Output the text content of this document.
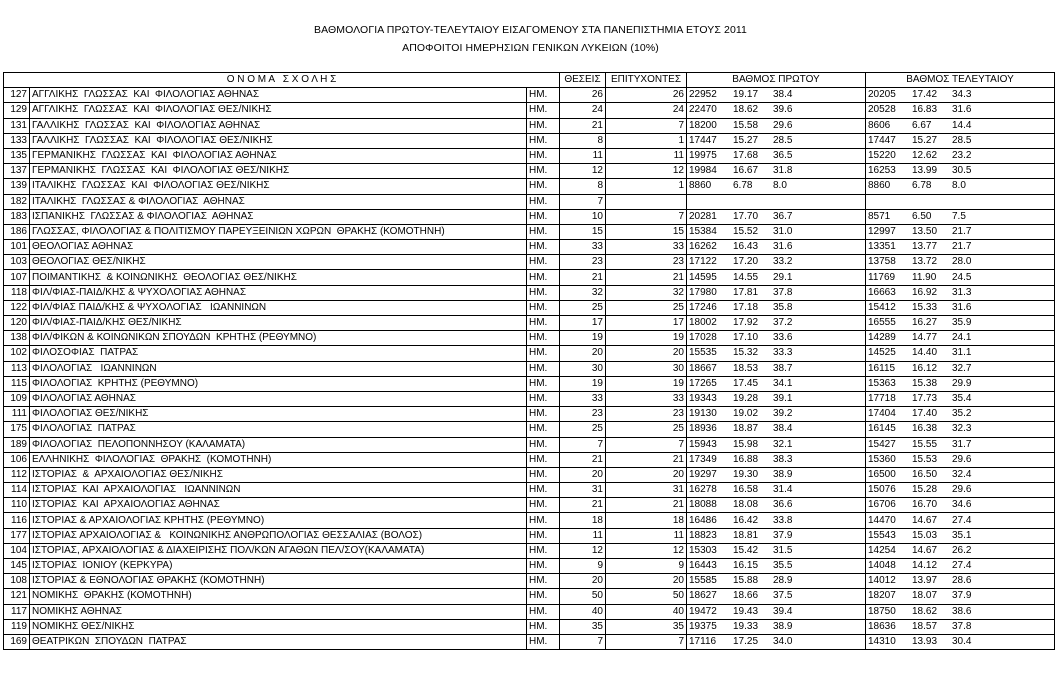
ΒΑΘΜΟΛΟΓΙΑ ΠΡΩΤΟΥ-ΤΕΛΕΥΤΑΙΟΥ ΕΙΣΑΓΟΜΕΝΟΥ ΣΤΑ ΠΑΝΕΠΙΣΤΗΜΙΑ ΕΤΟΥΣ 2011
ΑΠΟΦΟΙΤΟΙ ΗΜΕΡΗΣΙΩΝ ΓΕΝΙΚΩΝ ΛΥΚΕΙΩΝ (10%)
Ο Ν Ο Μ Α   Σ Χ Ο Λ Η Σ			ΘΕΣΕΙΣ	ΕΠΙΤΥΧΟΝΤΕΣ	ΒΑΘΜΟΣ ΠΡΩΤΟΥ	ΒΑΘΜΟΣ ΤΕΛΕΥΤΑΙΟΥ
127	ΑΓΓΛΙΚΗΣ  ΓΛΩΣΣΑΣ  ΚΑΙ  ΦΙΛΟΛΟΓΙΑΣ ΑΘΗΝΑΣ	ΗΜ.	26	26	22952 19.17 38.4	20205 17.42 34.3
129	ΑΓΓΛΙΚΗΣ  ΓΛΩΣΣΑΣ  ΚΑΙ  ΦΙΛΟΛΟΓΙΑΣ ΘΕΣ/ΝΙΚΗΣ	ΗΜ.	24	24	22470 18.62 39.6	20528 16.83 31.6
131	ΓΑΛΛΙΚΗΣ  ΓΛΩΣΣΑΣ  ΚΑΙ  ΦΙΛΟΛΟΓΙΑΣ ΑΘΗΝΑΣ	ΗΜ.	21	7	18200 15.58 29.6	8606 6.67 14.4
133	ΓΑΛΛΙΚΗΣ  ΓΛΩΣΣΑΣ  ΚΑΙ  ΦΙΛΟΛΟΓΙΑΣ ΘΕΣ/ΝΙΚΗΣ	ΗΜ.	8	1	17447 15.27 28.5	17447 15.27 28.5
135	ΓΕΡΜΑΝΙΚΗΣ  ΓΛΩΣΣΑΣ  ΚΑΙ  ΦΙΛΟΛΟΓΙΑΣ ΑΘΗΝΑΣ	ΗΜ.	11	11	19975 17.68 36.5	15220 12.62 23.2
137	ΓΕΡΜΑΝΙΚΗΣ  ΓΛΩΣΣΑΣ  ΚΑΙ  ΦΙΛΟΛΟΓΙΑΣ ΘΕΣ/ΝΙΚΗΣ	ΗΜ.	12	12	19984 16.67 31.8	16253 13.99 30.5
139	ΙΤΑΛΙΚΗΣ  ΓΛΩΣΣΑΣ  ΚΑΙ  ΦΙΛΟΛΟΓΙΑΣ ΘΕΣ/ΝΙΚΗΣ	ΗΜ.	8	1	8860 6.78 8.0	8860 6.78 8.0
182	ΙΤΑΛΙΚΗΣ  ΓΛΩΣΣΑΣ & ΦΙΛΟΛΟΓΙΑΣ  ΑΘΗΝΑΣ	ΗΜ.	7			
183	ΙΣΠΑΝΙΚΗΣ  ΓΛΩΣΣΑΣ & ΦΙΛΟΛΟΓΙΑΣ  ΑΘΗΝΑΣ	ΗΜ.	10	7	20281 17.70 36.7	8571 6.50 7.5
186	ΓΛΩΣΣΑΣ, ΦΙΛΟΛΟΓΙΑΣ & ΠΟΛΙΤΙΣΜΟΥ ΠΑΡΕΥΞΕΙΝΙΩΝ ΧΩΡΩΝ  ΘΡΑΚΗΣ (ΚΟΜΟΤΗΝΗ)	ΗΜ.	15	15	15384 15.52 31.0	12997 13.50 21.7
101	ΘΕΟΛΟΓΙΑΣ ΑΘΗΝΑΣ	ΗΜ.	33	33	16262 16.43 31.6	13351 13.77 21.7
103	ΘΕΟΛΟΓΙΑΣ ΘΕΣ/ΝΙΚΗΣ	ΗΜ.	23	23	17122 17.20 33.2	13758 13.72 28.0
107	ΠΟΙΜΑΝΤΙΚΗΣ  & ΚΟΙΝΩΝΙΚΗΣ  ΘΕΟΛΟΓΙΑΣ ΘΕΣ/ΝΙΚΗΣ	ΗΜ.	21	21	14595 14.55 29.1	11769 11.90 24.5
118	ΦΙΛ/ΦΙΑΣ-ΠΑΙΔ/ΚΗΣ & ΨΥΧΟΛΟΓΙΑΣ ΑΘΗΝΑΣ	ΗΜ.	32	32	17980 17.81 37.8	16663 16.92 31.3
122	ΦΙΛ/ΦΙΑΣ ΠΑΙΔ/ΚΗΣ & ΨΥΧΟΛΟΓΙΑΣ   ΙΩΑΝΝΙΝΩΝ	ΗΜ.	25	25	17246 17.18 35.8	15412 15.33 31.6
120	ΦΙΛ/ΦΙΑΣ-ΠΑΙΔ/ΚΗΣ ΘΕΣ/ΝΙΚΗΣ	ΗΜ.	17	17	18002 17.92 37.2	16555 16.27 35.9
138	ΦΙΛ/ΦΙΚΩΝ & ΚΟΙΝΩΝΙΚΩΝ ΣΠΟΥΔΩΝ  ΚΡΗΤΗΣ (ΡΕΘΥΜΝΟ)	ΗΜ.	19	19	17028 17.10 33.6	14289 14.77 24.1
102	ΦΙΛΟΣΟΦΙΑΣ  ΠΑΤΡΑΣ	ΗΜ.	20	20	15535 15.32 33.3	14525 14.40 31.1
113	ΦΙΛΟΛΟΓΙΑΣ   ΙΩΑΝΝΙΝΩΝ	ΗΜ.	30	30	18667 18.53 38.7	16115 16.12 32.7
115	ΦΙΛΟΛΟΓΙΑΣ  ΚΡΗΤΗΣ (ΡΕΘΥΜΝΟ)	ΗΜ.	19	19	17265 17.45 34.1	15363 15.38 29.9
109	ΦΙΛΟΛΟΓΙΑΣ ΑΘΗΝΑΣ	ΗΜ.	33	33	19343 19.28 39.1	17718 17.73 35.4
111	ΦΙΛΟΛΟΓΙΑΣ ΘΕΣ/ΝΙΚΗΣ	ΗΜ.	23	23	19130 19.02 39.2	17404 17.40 35.2
175	ΦΙΛΟΛΟΓΙΑΣ  ΠΑΤΡΑΣ	ΗΜ.	25	25	18936 18.87 38.4	16145 16.38 32.3
189	ΦΙΛΟΛΟΓΙΑΣ  ΠΕΛΟΠΟΝΝΗΣΟΥ (ΚΑΛΑΜΑΤΑ)	ΗΜ.	7	7	15943 15.98 32.1	15427 15.55 31.7
106	ΕΛΛΗΝΙΚΗΣ  ΦΙΛΟΛΟΓΙΑΣ  ΘΡΑΚΗΣ  (ΚΟΜΟΤΗΝΗ)	ΗΜ.	21	21	17349 16.88 38.3	15360 15.53 29.6
112	ΙΣΤΟΡΙΑΣ  &  ΑΡΧΑΙΟΛΟΓΙΑΣ ΘΕΣ/ΝΙΚΗΣ	ΗΜ.	20	20	19297 19.30 38.9	16500 16.50 32.4
114	ΙΣΤΟΡΙΑΣ  ΚΑΙ  ΑΡΧΑΙΟΛΟΓΙΑΣ   ΙΩΑΝΝΙΝΩΝ	ΗΜ.	31	31	16278 16.58 31.4	15076 15.28 29.6
110	ΙΣΤΟΡΙΑΣ  ΚΑΙ  ΑΡΧΑΙΟΛΟΓΙΑΣ ΑΘΗΝΑΣ	ΗΜ.	21	21	18088 18.08 36.6	16706 16.70 34.6
116	ΙΣΤΟΡΙΑΣ & ΑΡΧΑΙΟΛΟΓΙΑΣ ΚΡΗΤΗΣ (ΡΕΘΥΜΝΟ)	ΗΜ.	18	18	16486 16.42 33.8	14470 14.67 27.4
177	ΙΣΤΟΡΙΑΣ ΑΡΧΑΙΟΛΟΓΙΑΣ &   ΚΟΙΝΩΝΙΚΗΣ ΑΝΘΡΩΠΟΛΟΓΙΑΣ ΘΕΣΣΑΛΙΑΣ (ΒΟΛΟΣ)	ΗΜ.	11	11	18823 18.81 37.9	15543 15.03 35.1
104	ΙΣΤΟΡΙΑΣ, ΑΡΧΑΙΟΛΟΓΙΑΣ & ΔΙΑΧΕΙΡΙΣΗΣ ΠΟΛ/ΚΩΝ ΑΓΑΘΩΝ ΠΕΛ/ΣΟΥ(ΚΑΛΑΜΑΤΑ)	ΗΜ.	12	12	15303 15.42 31.5	14254 14.67 26.2
145	ΙΣΤΟΡΙΑΣ  ΙΟΝΙΟΥ (ΚΕΡΚΥΡΑ)	ΗΜ.	9	9	16443 16.15 35.5	14048 14.12 27.4
108	ΙΣΤΟΡΙΑΣ & ΕΘΝΟΛΟΓΙΑΣ ΘΡΑΚΗΣ (ΚΟΜΟΤΗΝΗ)	ΗΜ.	20	20	15585 15.88 28.9	14012 13.97 28.6
121	ΝΟΜΙΚΗΣ  ΘΡΑΚΗΣ (ΚΟΜΟΤΗΝΗ)	ΗΜ.	50	50	18627 18.66 37.5	18207 18.07 37.9
117	ΝΟΜΙΚΗΣ ΑΘΗΝΑΣ	ΗΜ.	40	40	19472 19.43 39.4	18750 18.62 38.6
119	ΝΟΜΙΚΗΣ ΘΕΣ/ΝΙΚΗΣ	ΗΜ.	35	35	19375 19.33 38.9	18636 18.57 37.8
169	ΘΕΑΤΡΙΚΩΝ  ΣΠΟΥΔΩΝ  ΠΑΤΡΑΣ	ΗΜ.	7	7	17116 17.25 34.0	14310 13.93 30.4
